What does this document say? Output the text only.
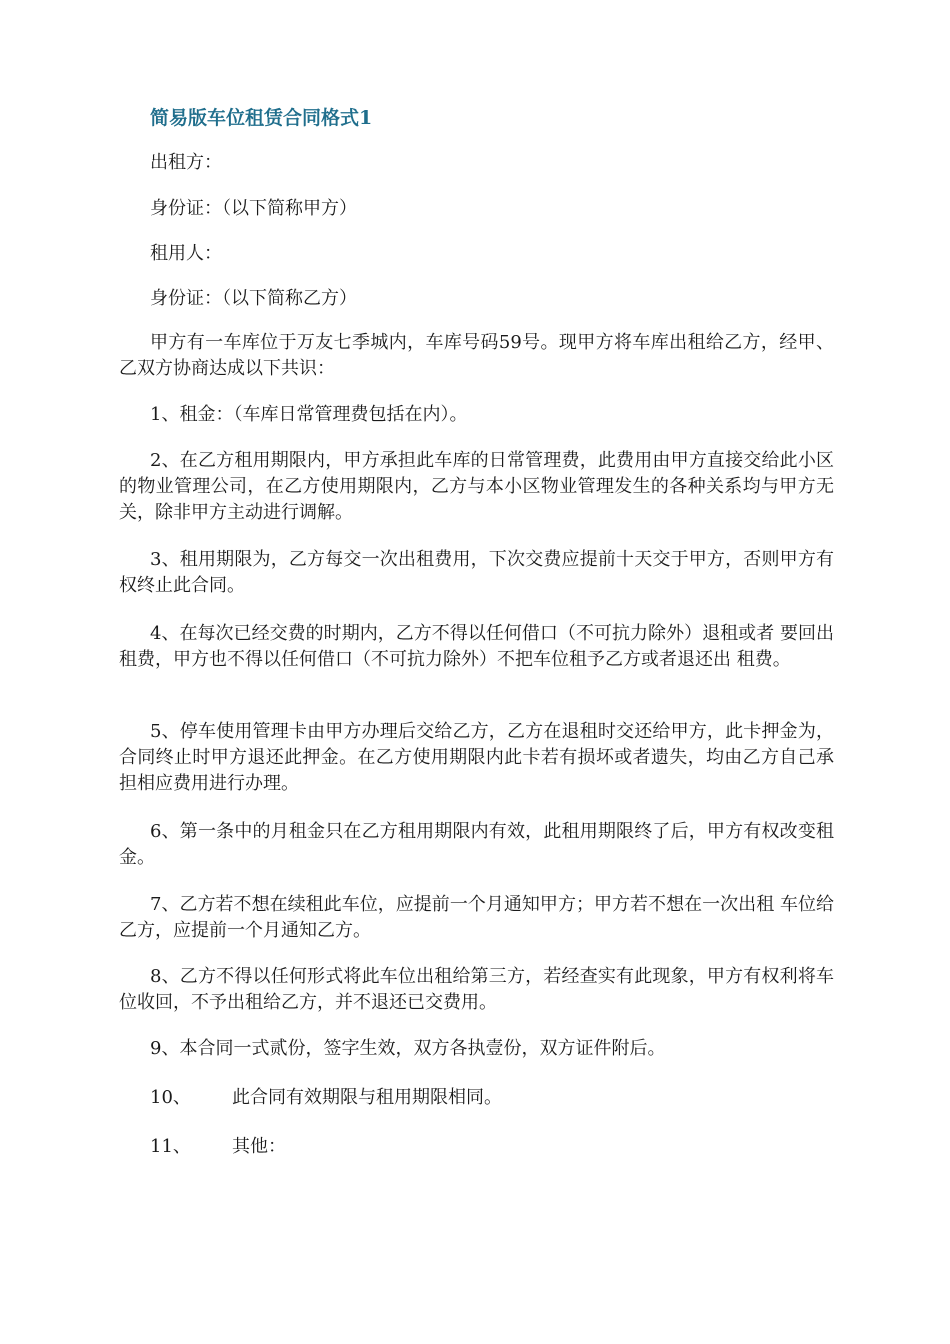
简易版车位租赁合同格式1
出租方：
身份证：（以下简称甲方）
租用人：
身份证：（以下简称乙方）
甲方有一车库位于万友七季城内，车库号码59号。现甲方将车库出租给乙方，经甲、乙双方协商达成以下共识：
1、租金：（车库日常管理费包括在内）。
2、在乙方租用期限内，甲方承担此车库的日常管理费，此费用由甲方直接交给此小区的物业管理公司，在乙方使用期限内，乙方与本小区物业管理发生的各种关系均与甲方无关，除非甲方主动进行调解。
3、租用期限为，乙方每交一次出租费用，下次交费应提前十天交于甲方，否则甲方有权终止此合同。
4、在每次已经交费的时期内，乙方不得以任何借口（不可抗力除外）退租或者 要回出租费，甲方也不得以任何借口（不可抗力除外）不把车位租予乙方或者退还出 租费。
5、停车使用管理卡由甲方办理后交给乙方，乙方在退租时交还给甲方，此卡押金为，合同终止时甲方退还此押金。在乙方使用期限内此卡若有损坏或者遗失，均由乙方自己承担相应费用进行办理。
6、第一条中的月租金只在乙方租用期限内有效，此租用期限终了后，甲方有权改变租金。
7、乙方若不想在续租此车位，应提前一个月通知甲方；甲方若不想在一次出租 车位给乙方，应提前一个月通知乙方。
8、乙方不得以任何形式将此车位出租给第三方，若经查实有此现象，甲方有权利将车位收回，不予出租给乙方，并不退还已交费用。
9、本合同一式贰份，签字生效，双方各执壹份，双方证件附后。
10、 此合同有效期限与租用期限相同。
11、 其他：
